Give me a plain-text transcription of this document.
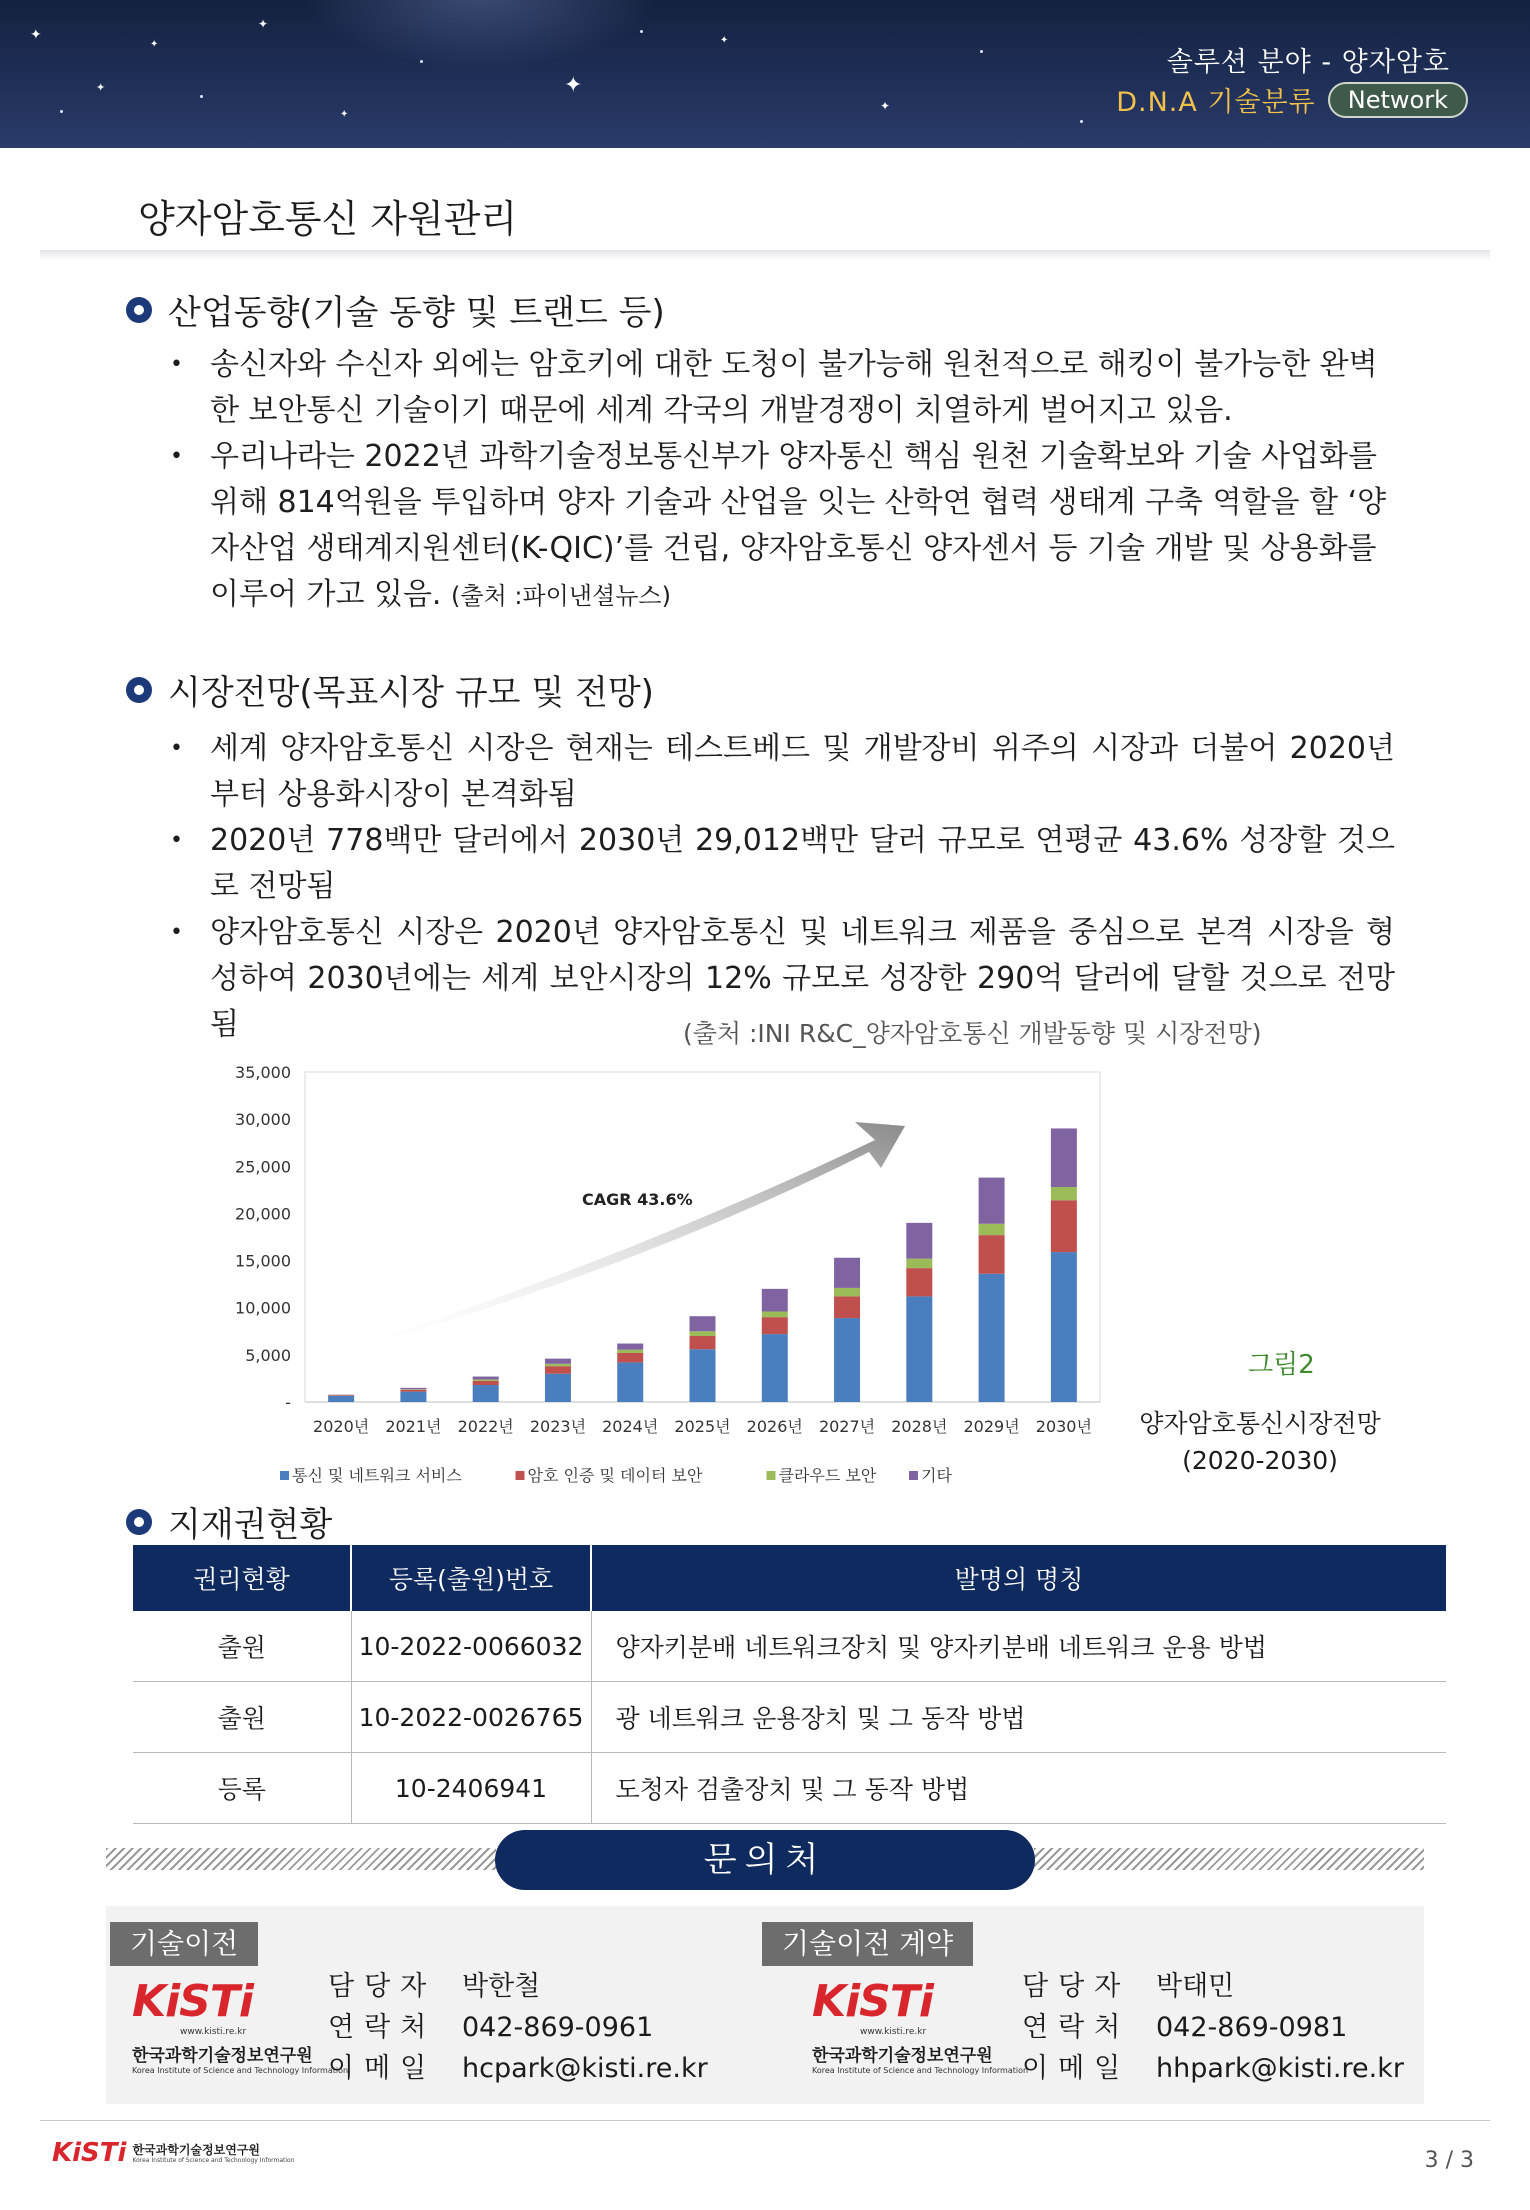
✦
✦
✦
✦
✦
✦
✦
✦
솔루션 분야 - 양자암호
D.N.A 기술분류	Network
양자암호통신 자원관리
산업동향(기술 동향 및 트랜드 등)
• 송신자와 수신자 외에는 암호키에 대한 도청이 불가능해 원천적으로 해킹이 불가능한 완벽한 보안통신 기술이기 때문에 세계 각국의 개발경쟁이 치열하게 벌어지고 있음.
• 우리나라는 2022년 과학기술정보통신부가 양자통신 핵심 원천 기술확보와 기술 사업화를 위해 814억원을 투입하며 양자 기술과 산업을 잇는 산학연 협력 생태계 구축 역할을 할 ‘양자산업 생태계지원센터(K-QIC)’를 건립, 양자암호통신 양자센서 등 기술 개발 및 상용화를 이루어 가고 있음. (출처 :파이낸셜뉴스)
시장전망(목표시장 규모 및 전망)
• 세계 양자암호통신 시장은 현재는 테스트베드 및 개발장비 위주의 시장과 더불어 2020년부터 상용화시장이 본격화됨
• 2020년 778백만 달러에서 2030년 29,012백만 달러 규모로 연평균 43.6% 성장할 것으로 전망됨
• 양자암호통신 시장은 2020년 양자암호통신 및 네트워크 제품을 중심으로 본격 시장을 형성하여 2030년에는 세계 보안시장의 12% 규모로 성장한 290억 달러에 달할 것으로 전망됨	(출처 :INI R&C_양자암호통신 개발동향 및 시장전망)
CAGR 43.6%
-
5,000
10,000
15,000
20,000
25,000
30,000
35,000
2020년 2021년 2022년 2023년 2024년 2025년 2026년 2027년 2028년 2029년 2030년
통신 및 네트워크 서비스	암호 인증 및 데이터 보안	클라우드 보안	기타
그림2
양자암호통신시장전망
(2020-2030)
지재권현황
권리현황	등록(출원)번호	발명의 명칭
출원	10-2022-0066032	양자키분배 네트워크장치 및 양자키분배 네트워크 운용 방법
출원	10-2022-0026765	광 네트워크 운용장치 및 그 동작 방법
등록	10-2406941	도청자 검출장치 및 그 동작 방법
문의처
기술이전
KiSTi
www.kisti.re.kr
한국과학기술정보연구원
Korea Institute of Science and Technology Information
담당자 박한철
연락처 042-869-0961
이메일 hcpark@kisti.re.kr
기술이전 계약
KiSTi
www.kisti.re.kr
한국과학기술정보연구원
Korea Institute of Science and Technology Information
담당자 박태민
연락처 042-869-0981
이메일 hhpark@kisti.re.kr
KiSTi 한국과학기술정보연구원
Korea Institute of Science and Technology Information	3 / 3
